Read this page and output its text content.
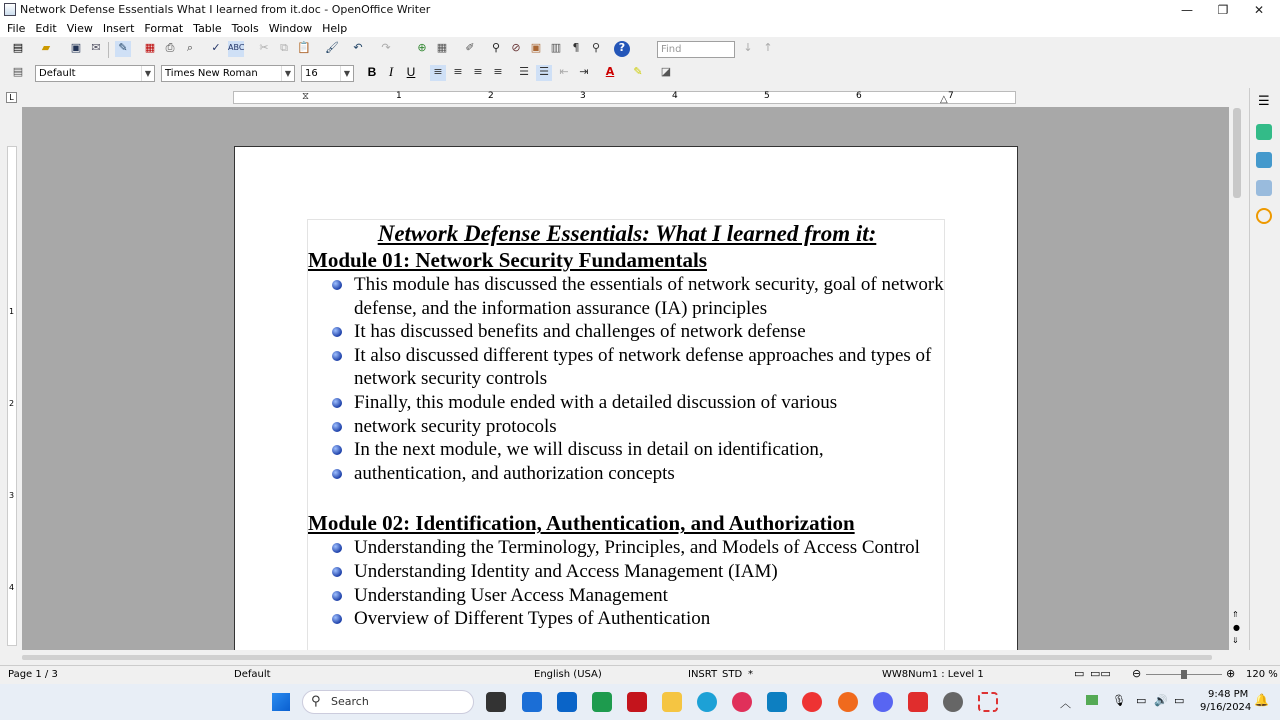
Network Defense Essentials What I learned from it.doc - OpenOffice Writer	—	❐	✕
File Edit View Insert Format Table Tools Window Help
▤	▰	▣ ✉	✎	▦ ⎙	⌕	✓ ABC	✂	⧉ 📋 🖌	↶	↷	⊕ ▦	✐	⚲	⊘ ▣ ▥	¶	⚲	?	Find	↓ ↑
▤	Default	▼	Times New Roman	▼	16	▼	B I	U	≡ ≡ ≡ ≡	☰ ☰ ⇤ ⇥	A	✎	◪
L	1	2	3	4	5	6	7
⧖	△
1
2
3
4
Network Defense Essentials: What I learned from it:
Module 01: Network Security Fundamentals
This module has discussed the essentials of network security, goal of network defense, and the information assurance (IA) principles
It has discussed benefits and challenges of network defense
It also discussed different types of network defense approaches and types of network security controls
Finally, this module ended with a detailed discussion of various
network security protocols
In the next module, we will discuss in detail on identification,
authentication, and authorization concepts
Module 02: Identification, Authentication, and Authorization
Understanding the Terminology, Principles, and Models of Access Control
Understanding Identity and Access Management (IAM)
Understanding User Access Management
Overview of Different Types of Authentication	⇑
●
⇓
☰
Page 1 / 3	Default	English (USA)	INSRT STD *	WW8Num1 : Level 1	▭ ▭▭ ⊖	⊕ 120 %
⚲ Search	︿	🎙 ▭ 🔊 ▭ 9:48 PM
9/16/2024
🔔
